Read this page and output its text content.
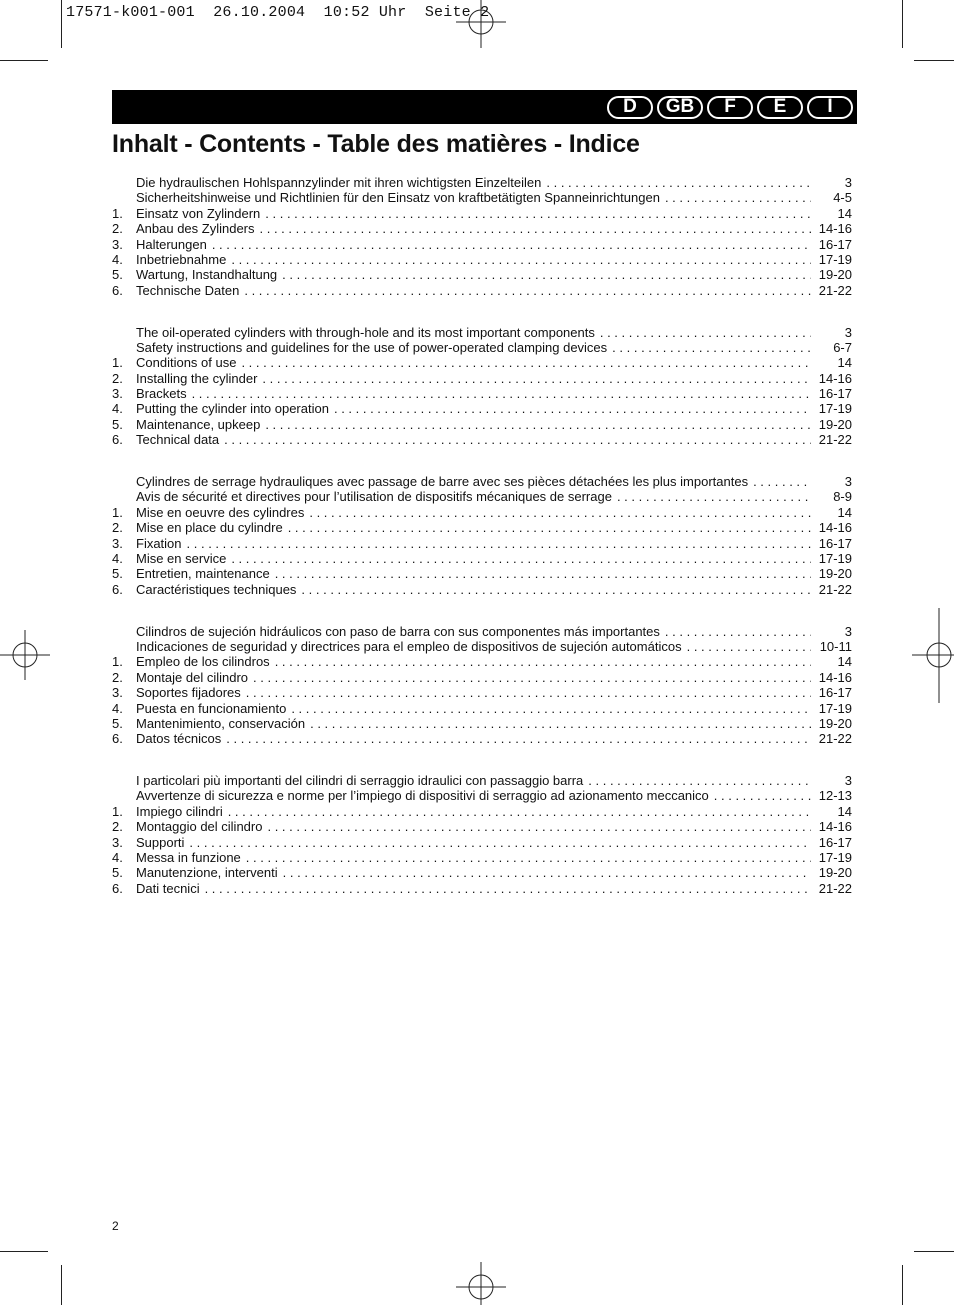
17571-k001-001  26.10.2004  10:52 Uhr  Seite 2
D	GB	F	E	I
Inhalt - Contents - Table des matières - Indice
Die hydraulischen Hohlspannzylinder mit ihren wichtigsten Einzelteilen . . .	3
Sicherheitshinweise und Richtlinien für den Einsatz von kraftbetätigten Spanneinrichtungen . . .	4-5
1.	Einsatz von Zylindern . . .	14
2.	Anbau des Zylinders . . .	14-16
3.	Halterungen . . .	16-17
4.	Inbetriebnahme . . .	17-19
5.	Wartung, Instandhaltung . . .	19-20
6.	Technische Daten . . .	21-22
The oil-operated cylinders with through-hole and its most important components . . .	3
Safety instructions and guidelines for the use of power-operated clamping devices . . .	6-7
1.	Conditions of use . . .	14
2.	Installing the cylinder . . .	14-16
3.	Brackets . . .	16-17
4.	Putting the cylinder into operation . . .	17-19
5.	Maintenance, upkeep . . .	19-20
6.	Technical data . . .	21-22
Cylindres de serrage hydrauliques avec passage de barre avec ses pièces détachées les plus importantes . . .	3
Avis de sécurité et directives pour l’utilisation de dispositifs mécaniques de serrage . . .	8-9
1.	Mise en oeuvre des cylindres . . .	14
2.	Mise en place du cylindre . . .	14-16
3.	Fixation . . .	16-17
4.	Mise en service . . .	17-19
5.	Entretien, maintenance . . .	19-20
6.	Caractéristiques techniques . . .	21-22
Cilindros de sujeción hidráulicos con paso de barra con sus componentes más importantes . . .	3
Indicaciones de seguridad y directrices para el empleo de dispositivos de sujeción automáticos . . .	10-11
1.	Empleo de los cilindros . . .	14
2.	Montaje del cilindro . . .	14-16
3.	Soportes fijadores . . .	16-17
4.	Puesta en funcionamiento . . .	17-19
5.	Mantenimiento, conservación . . .	19-20
6.	Datos técnicos . . .	21-22
I particolari più importanti del cilindri di serraggio idraulici con passaggio barra . . .	3
Avvertenze di sicurezza e norme per l’impiego di dispositivi di serraggio ad azionamento meccanico . . .	12-13
1.	Impiego cilindri . . .	14
2.	Montaggio del cilindro . . .	14-16
3.	Supporti . . .	16-17
4.	Messa in funzione . . .	17-19
5.	Manutenzione, interventi . . .	19-20
6.	Dati tecnici . . .	21-22
2
